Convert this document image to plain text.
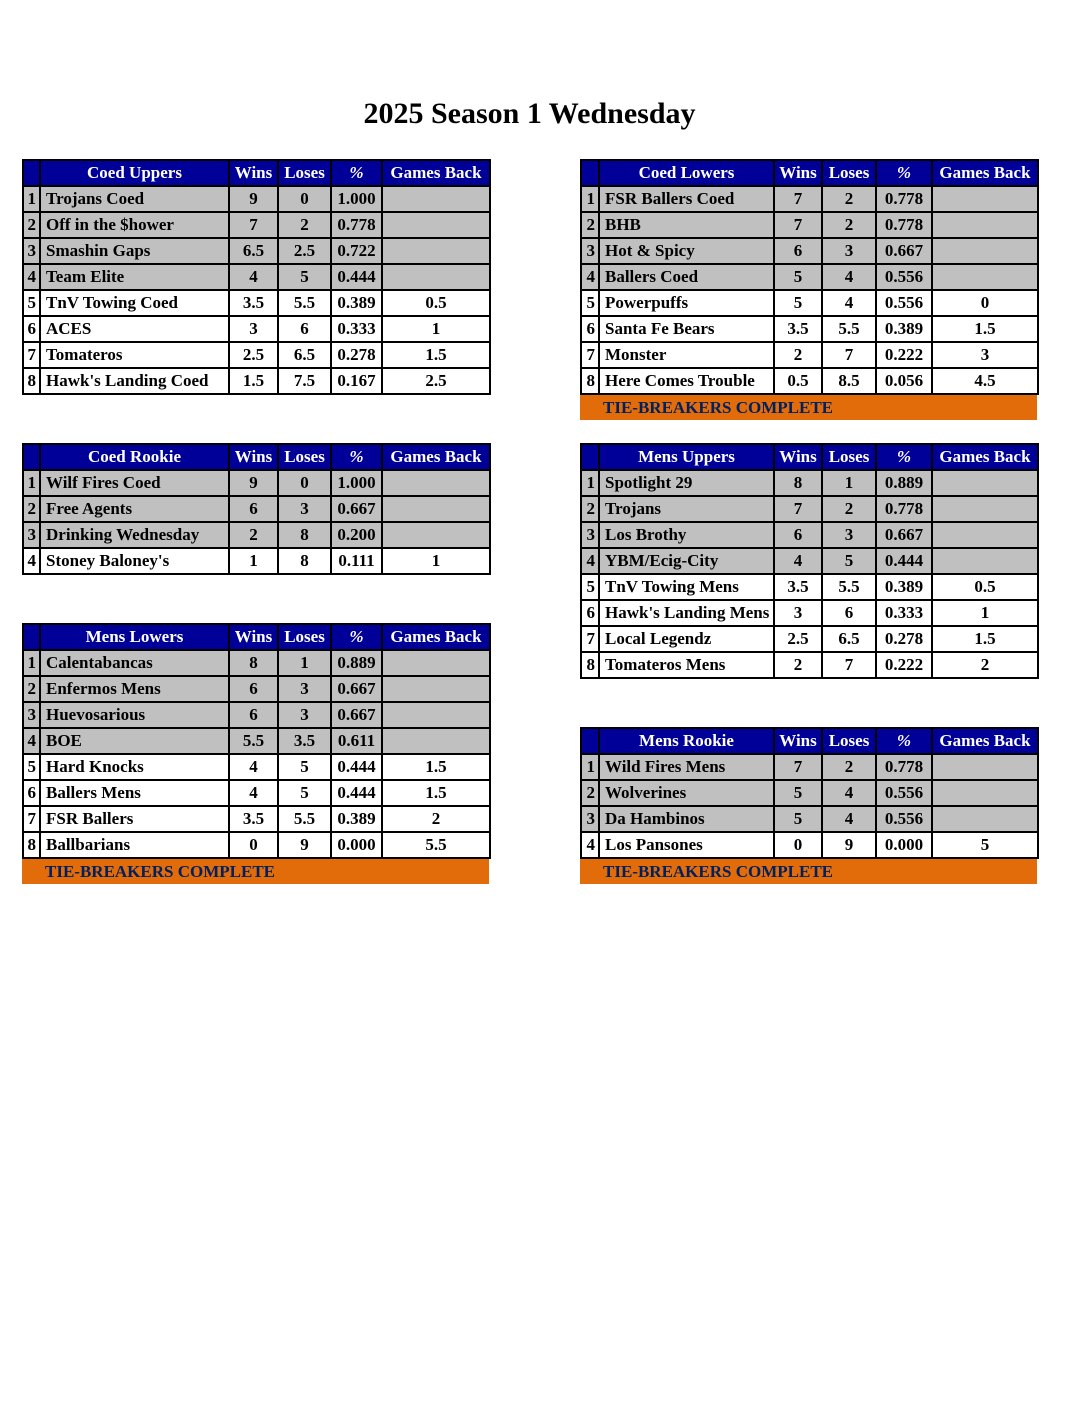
2025 Season 1 Wednesday
	Coed Uppers	Wins	Loses	%	Games Back
1	Trojans Coed	9	0	1.000	
2	Off in the $hower	7	2	0.778	
3	Smashin Gaps	6.5	2.5	0.722	
4	Team Elite	4	5	0.444	
5	TnV Towing Coed	3.5	5.5	0.389	0.5
6	ACES	3	6	0.333	1
7	Tomateros	2.5	6.5	0.278	1.5
8	Hawk's Landing Coed	1.5	7.5	0.167	2.5
	Coed Lowers	Wins	Loses	%	Games Back
1	FSR Ballers Coed	7	2	0.778	
2	BHB	7	2	0.778	
3	Hot & Spicy	6	3	0.667	
4	Ballers Coed	5	4	0.556	
5	Powerpuffs	5	4	0.556	0
6	Santa Fe Bears	3.5	5.5	0.389	1.5
7	Monster	2	7	0.222	3
8	Here Comes Trouble	0.5	8.5	0.056	4.5
TIE-BREAKERS COMPLETE
	Coed Rookie	Wins	Loses	%	Games Back
1	Wilf Fires Coed	9	0	1.000	
2	Free Agents	6	3	0.667	
3	Drinking Wednesday	2	8	0.200	
4	Stoney Baloney's	1	8	0.111	1
	Mens Uppers	Wins	Loses	%	Games Back
1	Spotlight 29	8	1	0.889	
2	Trojans	7	2	0.778	
3	Los Brothy	6	3	0.667	
4	YBM/Ecig-City	4	5	0.444	
5	TnV Towing Mens	3.5	5.5	0.389	0.5
6	Hawk's Landing Mens	3	6	0.333	1
7	Local Legendz	2.5	6.5	0.278	1.5
8	Tomateros Mens	2	7	0.222	2
	Mens Lowers	Wins	Loses	%	Games Back
1	Calentabancas	8	1	0.889	
2	Enfermos Mens	6	3	0.667	
3	Huevosarious	6	3	0.667	
4	BOE	5.5	3.5	0.611	
5	Hard Knocks	4	5	0.444	1.5
6	Ballers Mens	4	5	0.444	1.5
7	FSR Ballers	3.5	5.5	0.389	2
8	Ballbarians	0	9	0.000	5.5
TIE-BREAKERS COMPLETE
	Mens Rookie	Wins	Loses	%	Games Back
1	Wild Fires Mens	7	2	0.778	
2	Wolverines	5	4	0.556	
3	Da Hambinos	5	4	0.556	
4	Los Pansones	0	9	0.000	5
TIE-BREAKERS COMPLETE
